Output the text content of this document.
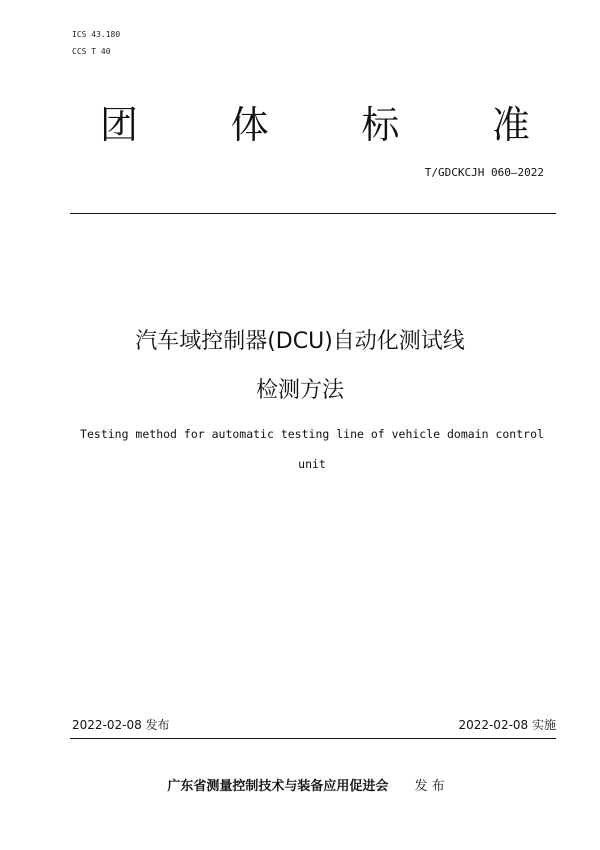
ICS 43.180
CCS T 40
团 体 标 准
T/GDCKCJH 060—2022
汽车域控制器(DCU)自动化测试线
检测方法
Testing method for automatic testing line of vehicle domain control
unit
2022-02-08 发布	2022-02-08 实施
广东省测量控制技术与装备应用促进会 发 布
